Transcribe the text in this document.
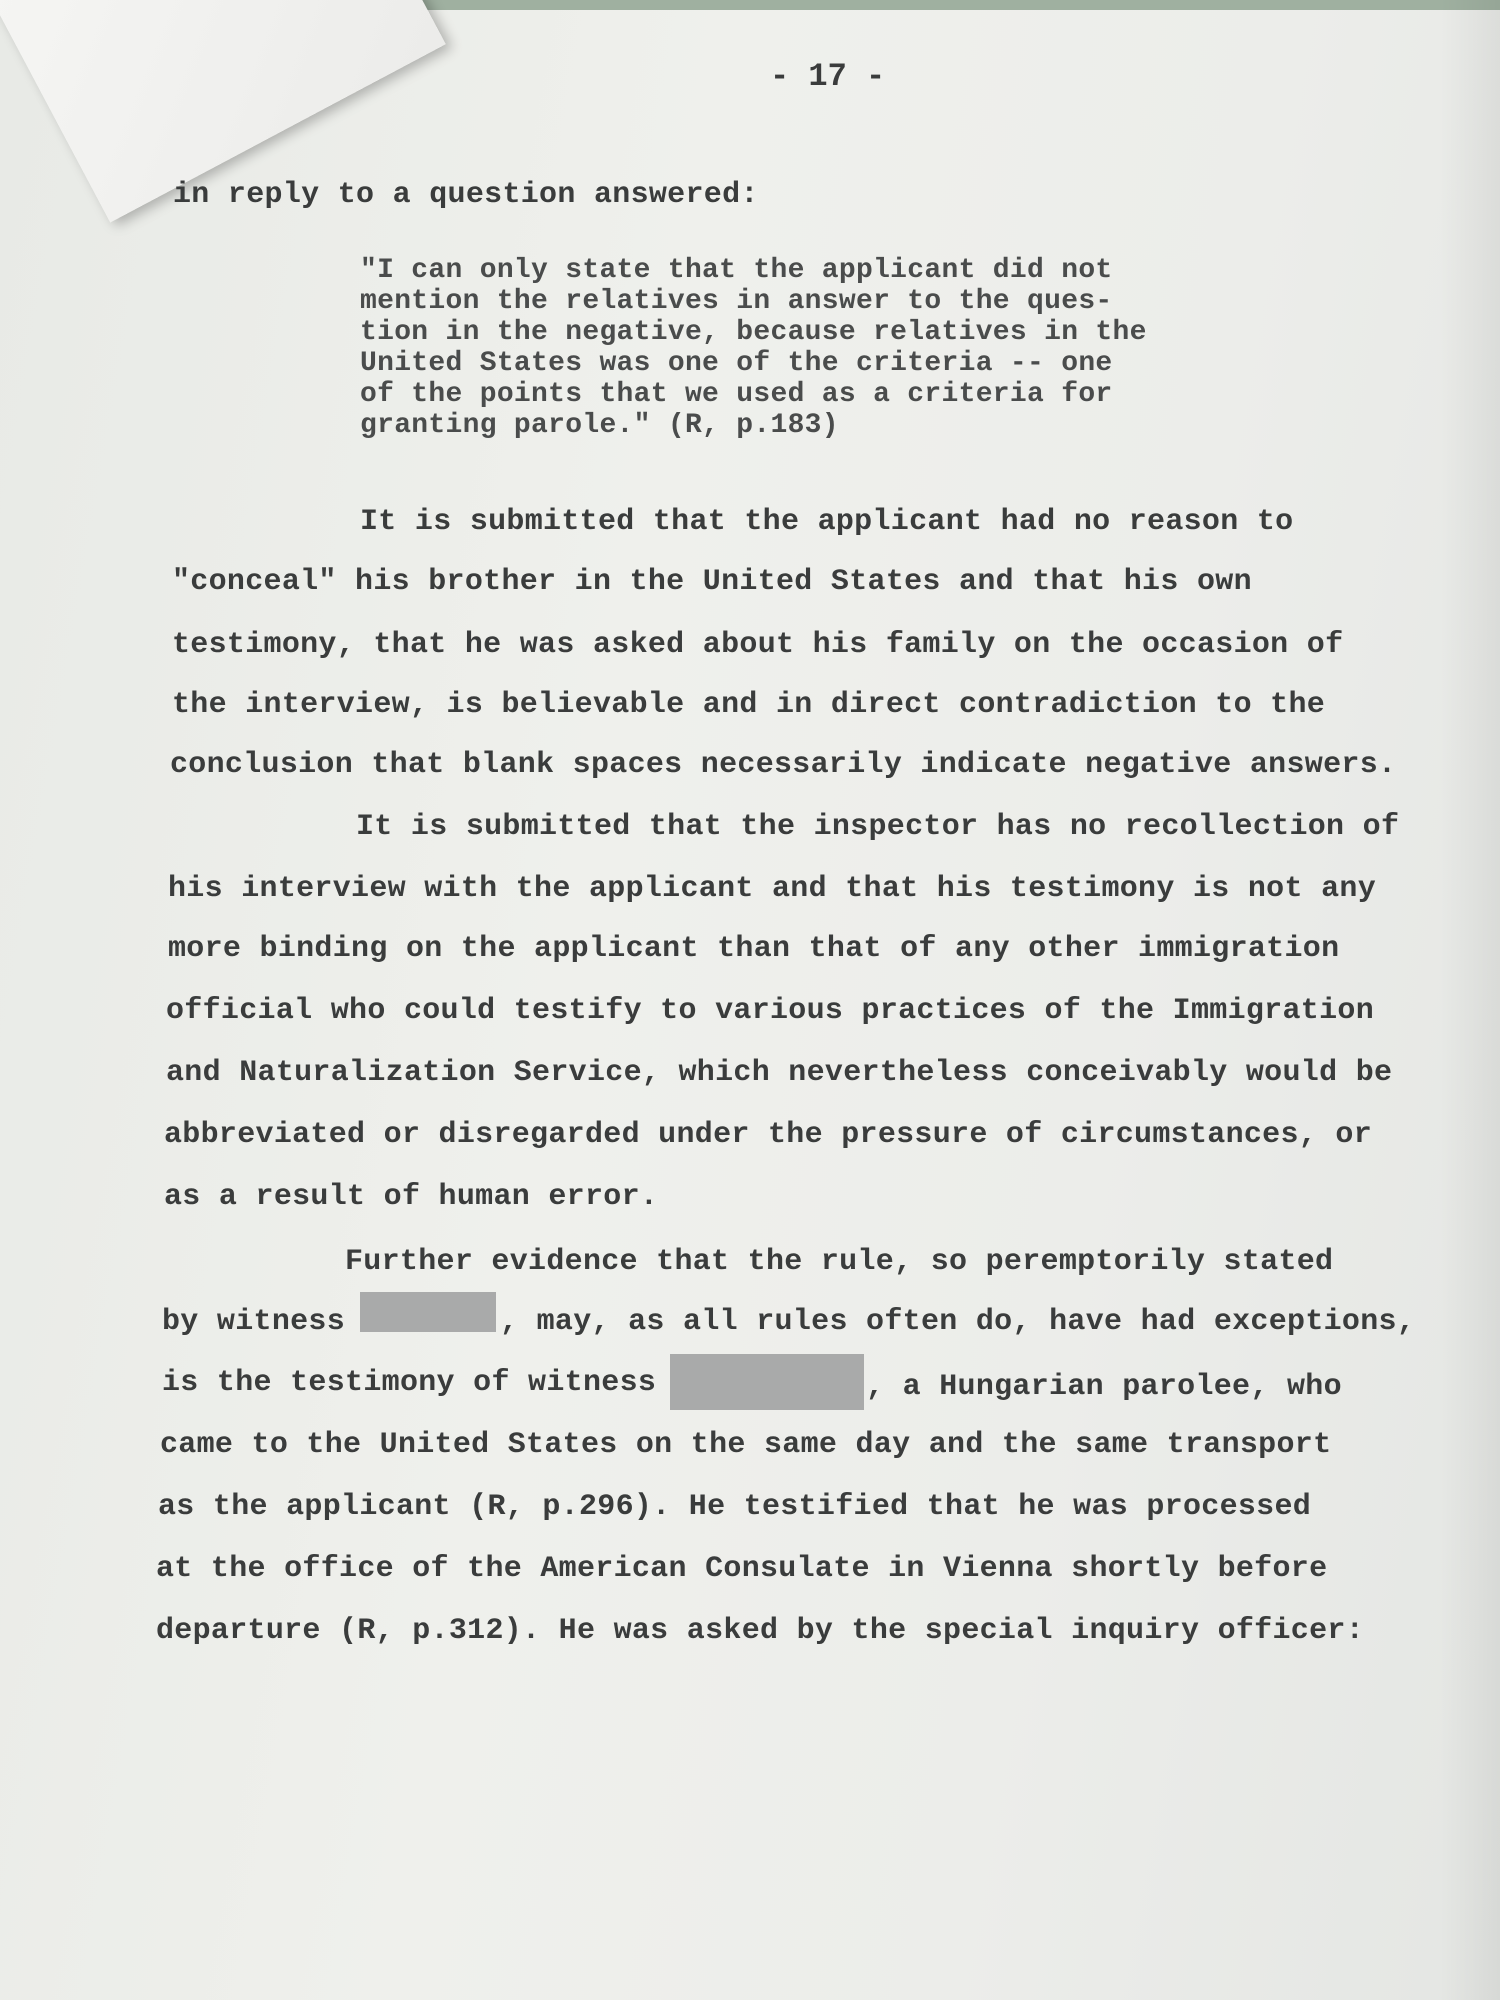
- 17 -
in reply to a question answered:
"I can only state that the applicant did not
mention the relatives in answer to the ques-
tion in the negative, because relatives in the
United States was one of the criteria -- one
of the points that we used as a criteria for
granting parole." (R, p.183)
It is submitted that the applicant had no reason to
"conceal" his brother in the United States and that his own
testimony, that he was asked about his family on the occasion of
the interview, is believable and in direct contradiction to the
conclusion that blank spaces necessarily indicate negative answers.
It is submitted that the inspector has no recollection of
his interview with the applicant and that his testimony is not any
more binding on the applicant than that of any other immigration
official who could testify to various practices of the Immigration
and Naturalization Service, which nevertheless conceivably would be
abbreviated or disregarded under the pressure of circumstances, or
as a result of human error.
Further evidence that the rule, so peremptorily stated
by witness	, may, as all rules often do, have had exceptions,
is the testimony of witness	, a Hungarian parolee, who
came to the United States on the same day and the same transport
as the applicant (R, p.296). He testified that he was processed
at the office of the American Consulate in Vienna shortly before
departure (R, p.312). He was asked by the special inquiry officer:
